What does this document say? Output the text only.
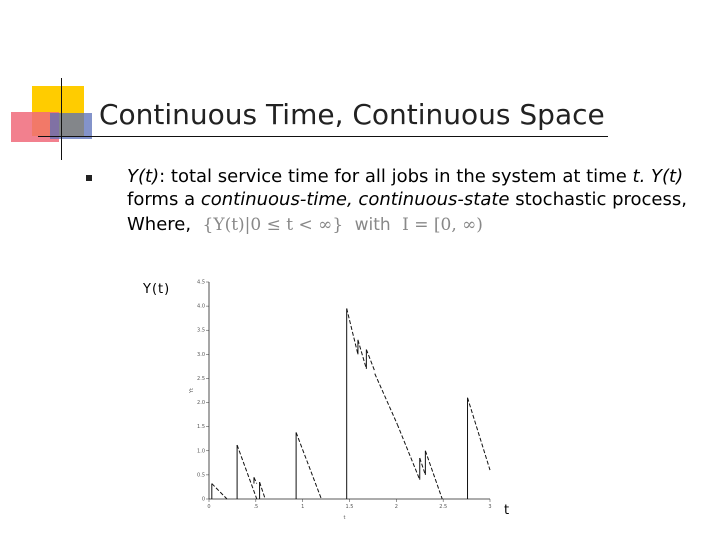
Continuous Time, Continuous Space
Y(t): total service time for all jobs in the system at time t. Y(t)
forms a continuous-time, continuous-state stochastic process,
Where, {Y(t)|0 ≤ t < ∞} with I = [0, ∞)
Y(t)
t
0
0.5
1.0
1.5
2.0
2.5
3.0
3.5
4.0
4.5
0	.5	1	1.5	2	2.5	3
Yt
t
